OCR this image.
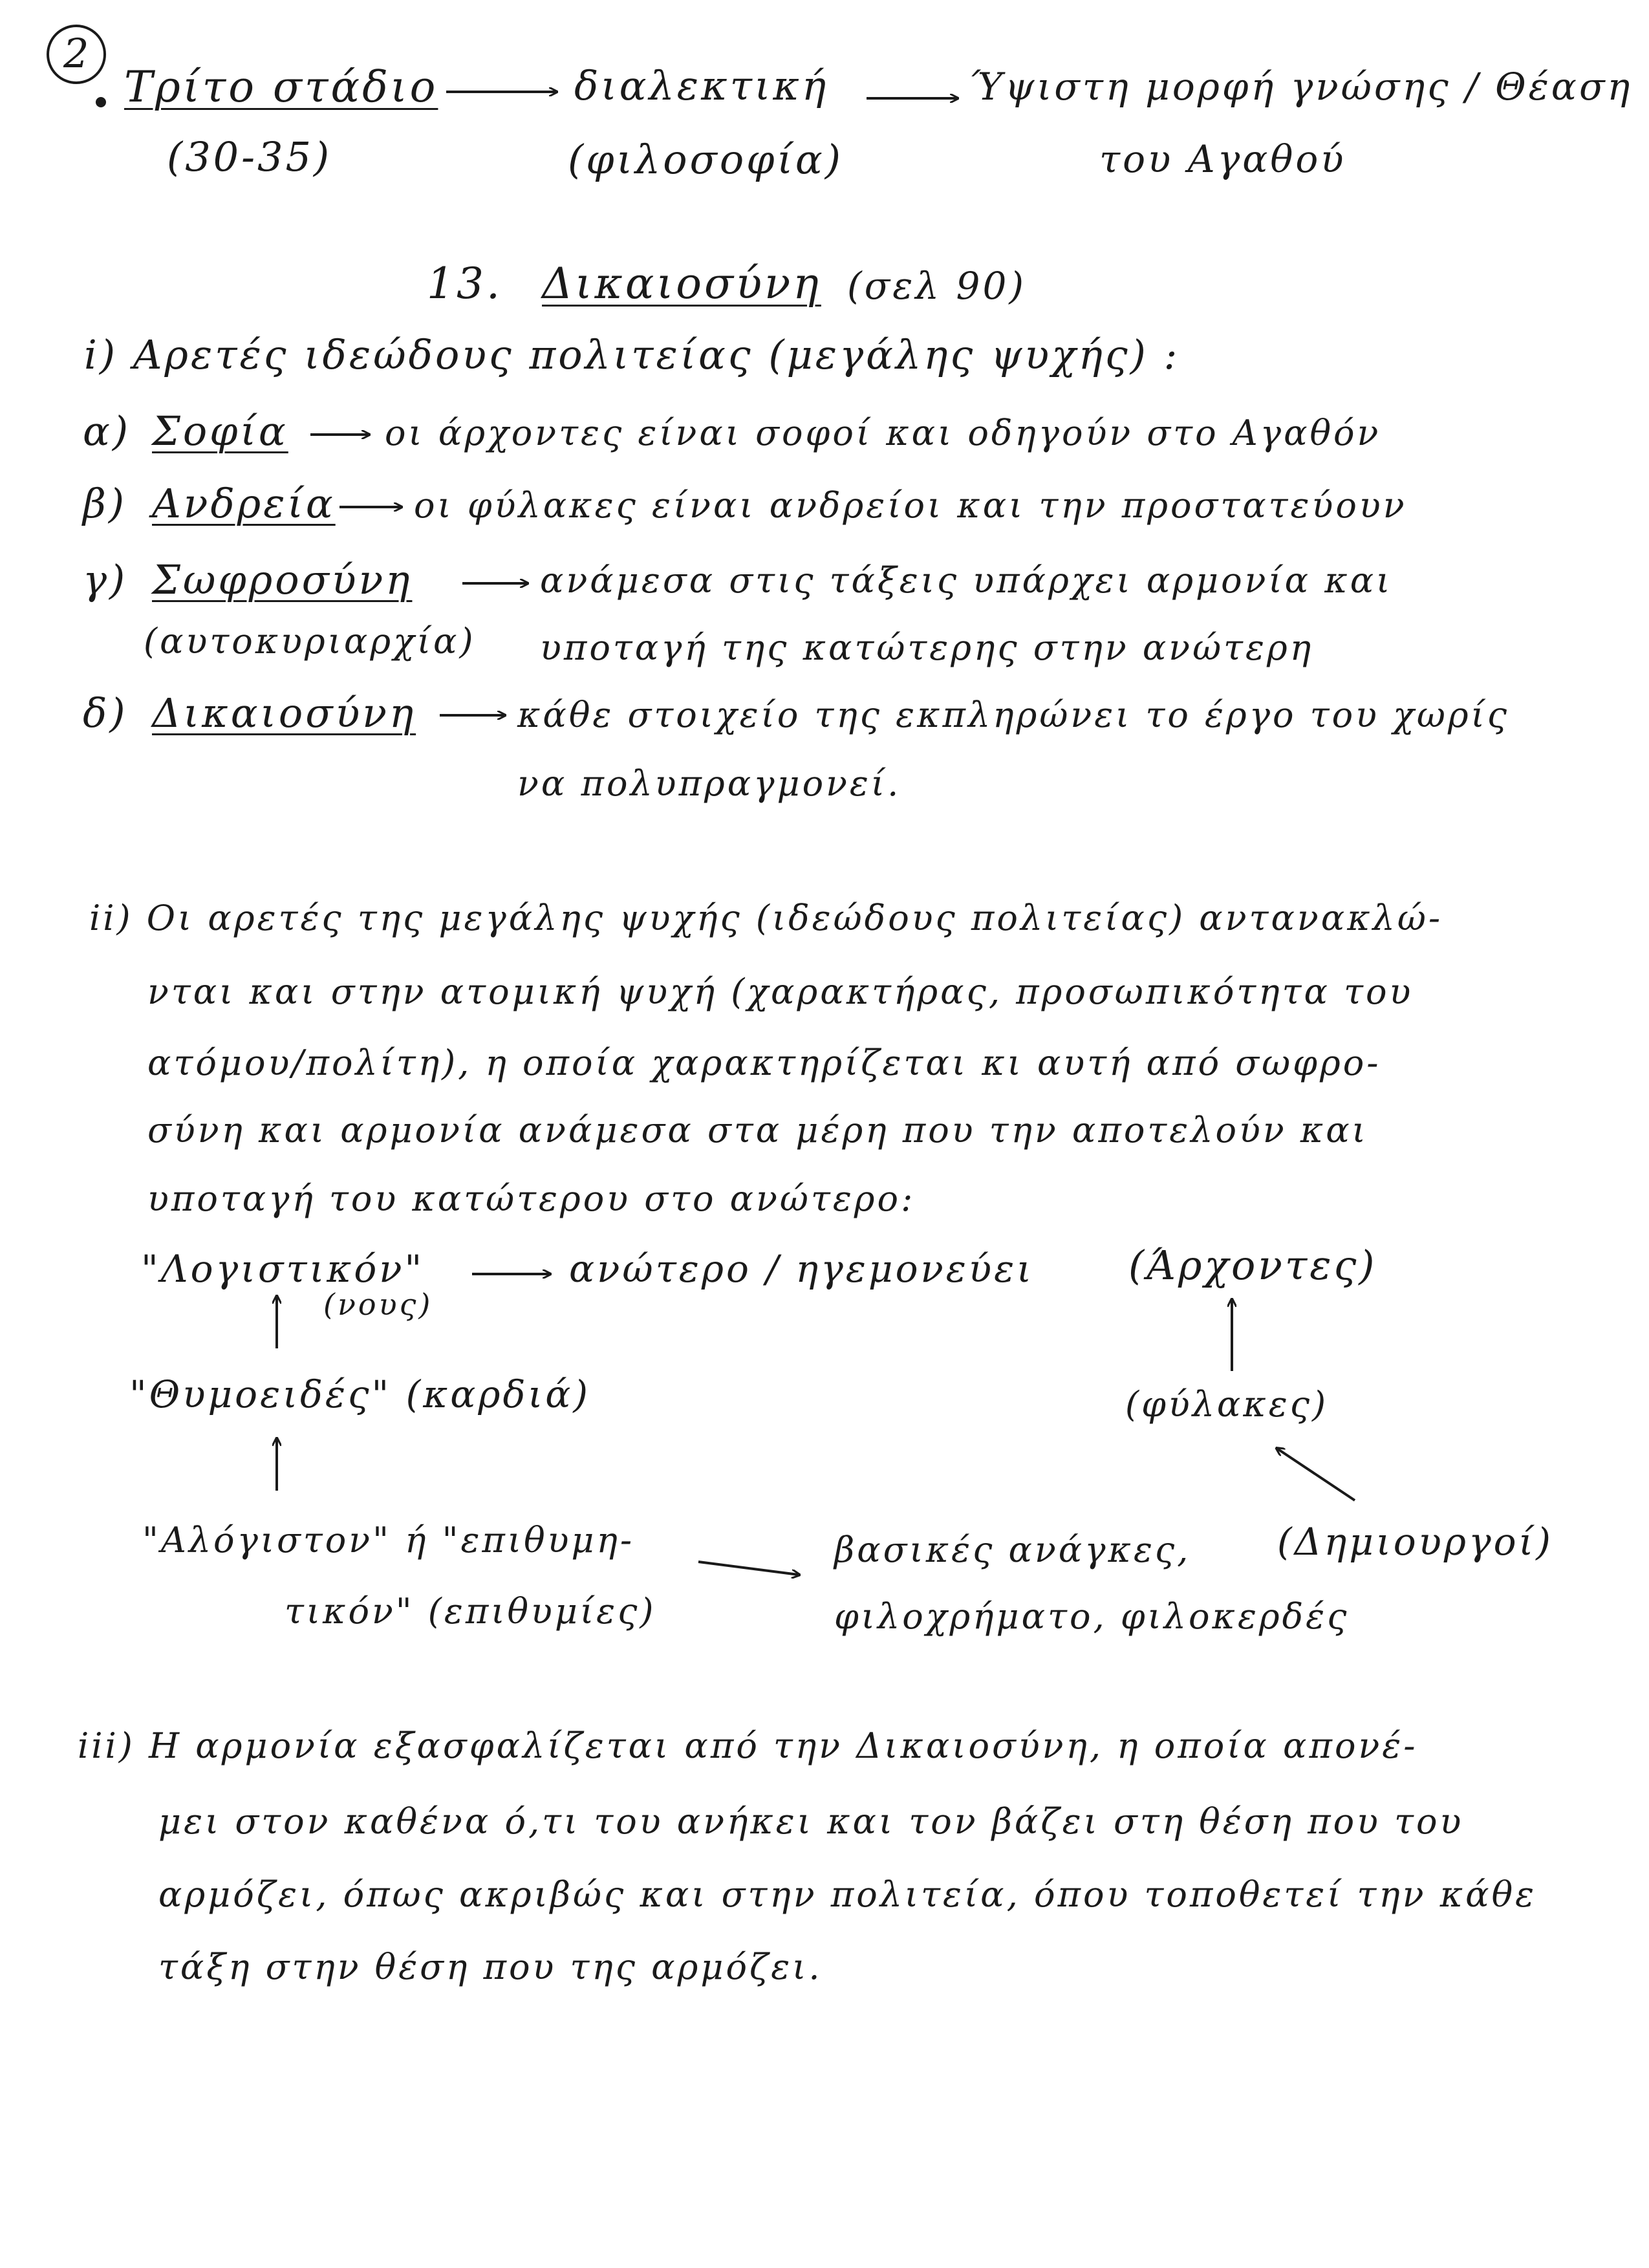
2
Τρίτο στάδιο
(30-35)
διαλεκτική
(φιλοσοφία)
Ύψιστη μορφή γνώσης / Θέαση
του Αγαθού
13. Δικαιοσύνη (σελ 90)
i) Αρετές ιδεώδους πολιτείας (μεγάλης ψυχής) :
α) Σοφία	οι άρχοντες είναι σοφοί και οδηγούν στο Αγαθόν
β) Ανδρεία οι φύλακες είναι ανδρείοι και την προστατεύουν
γ) Σωφροσύνη	ανάμεσα στις τάξεις υπάρχει αρμονία και
(αυτοκυριαρχία) υποταγή της κατώτερης στην ανώτερη
δ) Δικαιοσύνη	κάθε στοιχείο της εκπληρώνει το έργο του χωρίς
να πολυπραγμονεί.
ii) Οι αρετές της μεγάλης ψυχής (ιδεώδους πολιτείας) αντανακλώ-
νται και στην ατομική ψυχή (χαρακτήρας, προσωπικότητα του
ατόμου/πολίτη), η οποία χαρακτηρίζεται κι αυτή από σωφρο-
σύνη και αρμονία ανάμεσα στα μέρη που την αποτελούν και
υποταγή του κατώτερου στο ανώτερο:
"Λογιστικόν"
(νους)
ανώτερο / ηγεμονεύει (Άρχοντες)
"Θυμοειδές" (καρδιά)	(φύλακες)
"Αλόγιστον" ή "επιθυμη-
τικόν" (επιθυμίες)
βασικές ανάγκες,
φιλοχρήματο, φιλοκερδές
(Δημιουργοί)
iii) Η αρμονία εξασφαλίζεται από την Δικαιοσύνη, η οποία απονέ-
μει στον καθένα ό,τι του ανήκει και τον βάζει στη θέση που του
αρμόζει, όπως ακριβώς και στην πολιτεία, όπου τοποθετεί την κάθε
τάξη στην θέση που της αρμόζει.
